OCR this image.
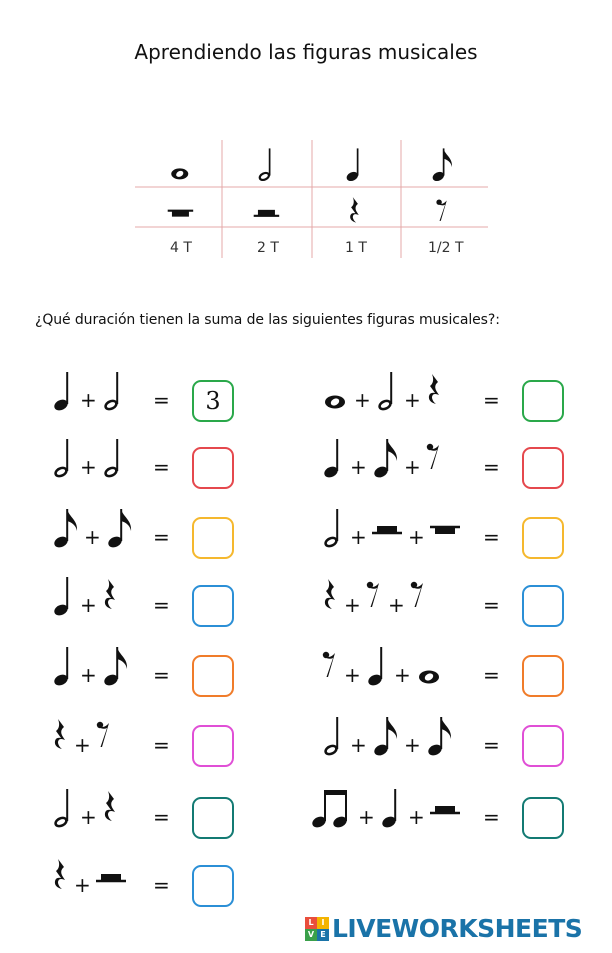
Aprendiendo las figuras musicales
4 T	2 T	1 T	1/2 T
¿Qué duración tienen la suma de las siguientes figuras musicales?:
+	=	3
+	=
+	=
+	=
+	=
+	=
+	=
+	=
+ +	=
+ +	=
+ +	=
+ +	=
+ +	=
+ +	=
+ +	=
L I
V E LIVEWORKSHEETS
